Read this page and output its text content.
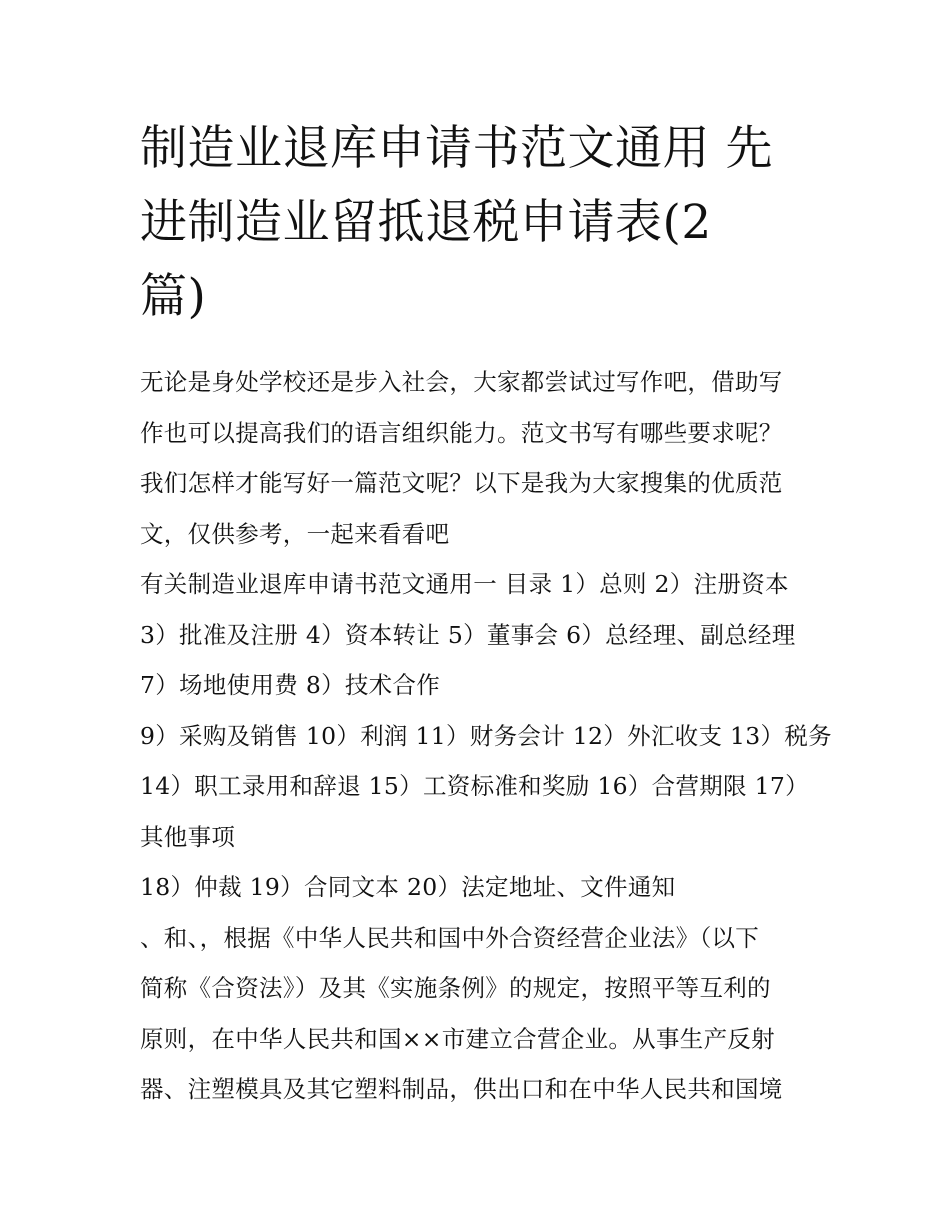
制造业退库申请书范文通用 先
进制造业留抵退税申请表(2
篇)
无论是身处学校还是步入社会，大家都尝试过写作吧，借助写
作也可以提高我们的语言组织能力。范文书写有哪些要求呢？
我们怎样才能写好一篇范文呢？以下是我为大家搜集的优质范
文，仅供参考，一起来看看吧
有关制造业退库申请书范文通用一 目录 1）总则 2）注册资本
3）批准及注册 4）资本转让 5）董事会 6）总经理、副总经理
7）场地使用费 8）技术合作
9）采购及销售 10）利润 11）财务会计 12）外汇收支 13）税务
14）职工录用和辞退 15）工资标准和奖励 16）合营期限 17）
其他事项
18）仲裁 19）合同文本 20）法定地址、文件通知
、和、，根据《中华人民共和国中外合资经营企业法》（以下
简称《合资法》）及其《实施条例》的规定，按照平等互利的
原则，在中华人民共和国××市建立合营企业。从事生产反射
器、注塑模具及其它塑料制品，供出口和在中华人民共和国境
